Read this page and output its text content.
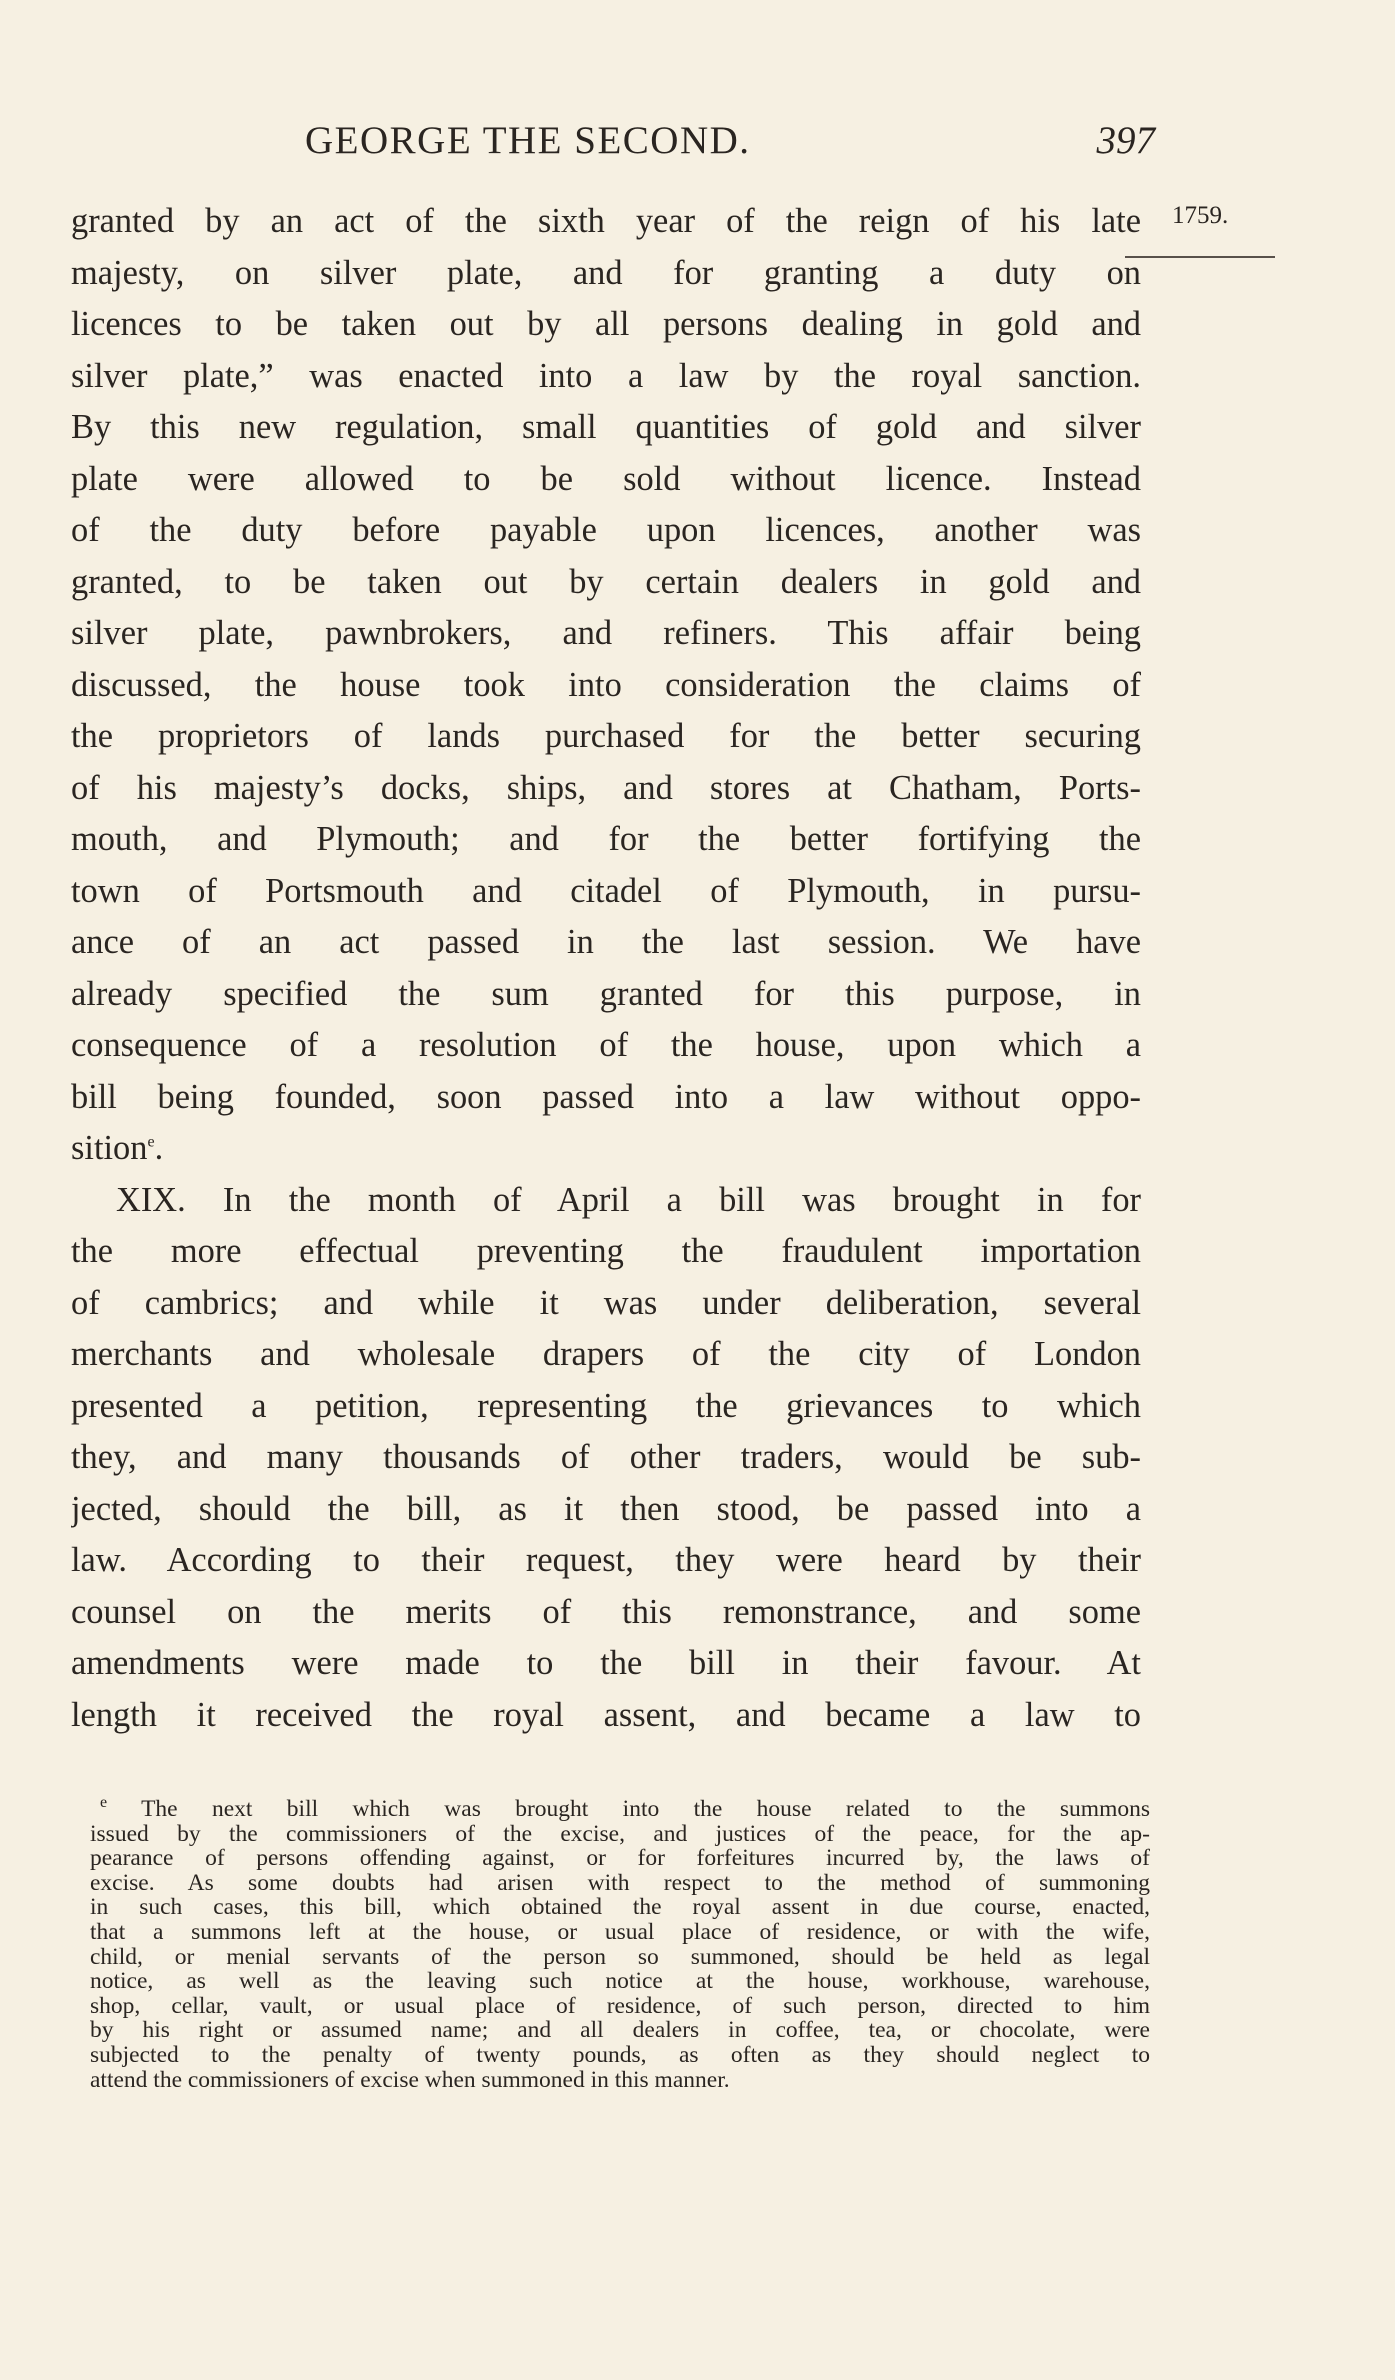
GEORGE THE SECOND.	397
1759.
granted by an act of the sixth year of the reign of his late
majesty, on silver plate, and for granting a duty on
licences to be taken out by all persons dealing in gold and
silver plate,” was enacted into a law by the royal sanction.
By this new regulation, small quantities of gold and silver
plate were allowed to be sold without licence. Instead
of the duty before payable upon licences, another was
granted, to be taken out by certain dealers in gold and
silver plate, pawnbrokers, and refiners. This affair being
discussed, the house took into consideration the claims of
the proprietors of lands purchased for the better securing
of his majesty’s docks, ships, and stores at Chatham, Ports-
mouth, and Plymouth; and for the better fortifying the
town of Portsmouth and citadel of Plymouth, in pursu-
ance of an act passed in the last session. We have
already specified the sum granted for this purpose, in
consequence of a resolution of the house, upon which a
bill being founded, soon passed into a law without oppo-
sition$^e$.
XIX. In the month of April a bill was brought in for
the more effectual preventing the fraudulent importation
of cambrics; and while it was under deliberation, several
merchants and wholesale drapers of the city of London
presented a petition, representing the grievances to which
they, and many thousands of other traders, would be sub-
jected, should the bill, as it then stood, be passed into a
law. According to their request, they were heard by their
counsel on the merits of this remonstrance, and some
amendments were made to the bill in their favour. At
length it received the royal assent, and became a law to
$^e$ The next bill which was brought into the house related to the summons
issued by the commissioners of the excise, and justices of the peace, for the ap-
pearance of persons offending against, or for forfeitures incurred by, the laws of
excise. As some doubts had arisen with respect to the method of summoning
in such cases, this bill, which obtained the royal assent in due course, enacted,
that a summons left at the house, or usual place of residence, or with the wife,
child, or menial servants of the person so summoned, should be held as legal
notice, as well as the leaving such notice at the house, workhouse, warehouse,
shop, cellar, vault, or usual place of residence, of such person, directed to him
by his right or assumed name; and all dealers in coffee, tea, or chocolate, were
subjected to the penalty of twenty pounds, as often as they should neglect to
attend the commissioners of excise when summoned in this manner.
